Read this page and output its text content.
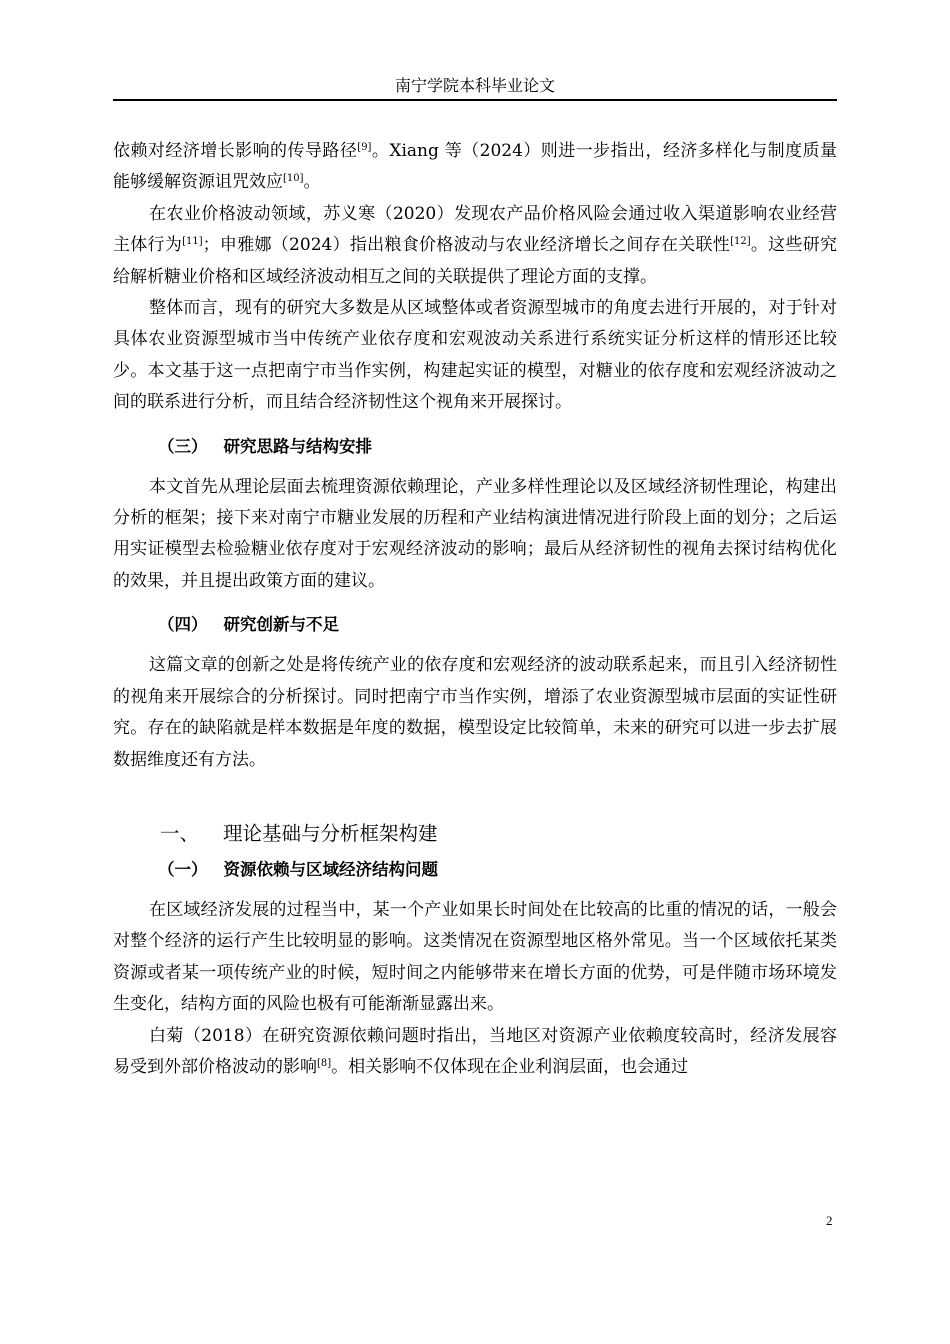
南宁学院本科毕业论文

依赖对经济增长影响的传导路径[9]。Xiang 等（2024）则进一步指出，经济多样化与制度质量能够缓解资源诅咒效应[10]。

在农业价格波动领域，苏义寒（2020）发现农产品价格风险会通过收入渠道影响农业经营主体行为[11]；申雅娜（2024）指出粮食价格波动与农业经济增长之间存在关联性[12]。这些研究给解析糖业价格和区域经济波动相互之间的关联提供了理论方面的支撑。

整体而言，现有的研究大多数是从区域整体或者资源型城市的角度去进行开展的，对于针对具体农业资源型城市当中传统产业依存度和宏观波动关系进行系统实证分析这样的情形还比较少。本文基于这一点把南宁市当作实例，构建起实证的模型，对糖业的依存度和宏观经济波动之间的联系进行分析，而且结合经济韧性这个视角来开展探讨。

（三） 研究思路与结构安排

本文首先从理论层面去梳理资源依赖理论，产业多样性理论以及区域经济韧性理论，构建出分析的框架；接下来对南宁市糖业发展的历程和产业结构演进情况进行阶段上面的划分；之后运用实证模型去检验糖业依存度对于宏观经济波动的影响；最后从经济韧性的视角去探讨结构优化的效果，并且提出政策方面的建议。

（四） 研究创新与不足

这篇文章的创新之处是将传统产业的依存度和宏观经济的波动联系起来，而且引入经济韧性的视角来开展综合的分析探讨。同时把南宁市当作实例，增添了农业资源型城市层面的实证性研究。存在的缺陷就是样本数据是年度的数据，模型设定比较简单，未来的研究可以进一步去扩展数据维度还有方法。

一、 理论基础与分析框架构建
（一） 资源依赖与区域经济结构问题

在区域经济发展的过程当中，某一个产业如果长时间处在比较高的比重的情况的话，一般会对整个经济的运行产生比较明显的影响。这类情况在资源型地区格外常见。当一个区域依托某类资源或者某一项传统产业的时候，短时间之内能够带来在增长方面的优势，可是伴随市场环境发生变化，结构方面的风险也极有可能渐渐显露出来。

白菊（2018）在研究资源依赖问题时指出，当地区对资源产业依赖度较高时，经济发展容易受到外部价格波动的影响[8]。相关影响不仅体现在企业利润层面，也会通过

2
